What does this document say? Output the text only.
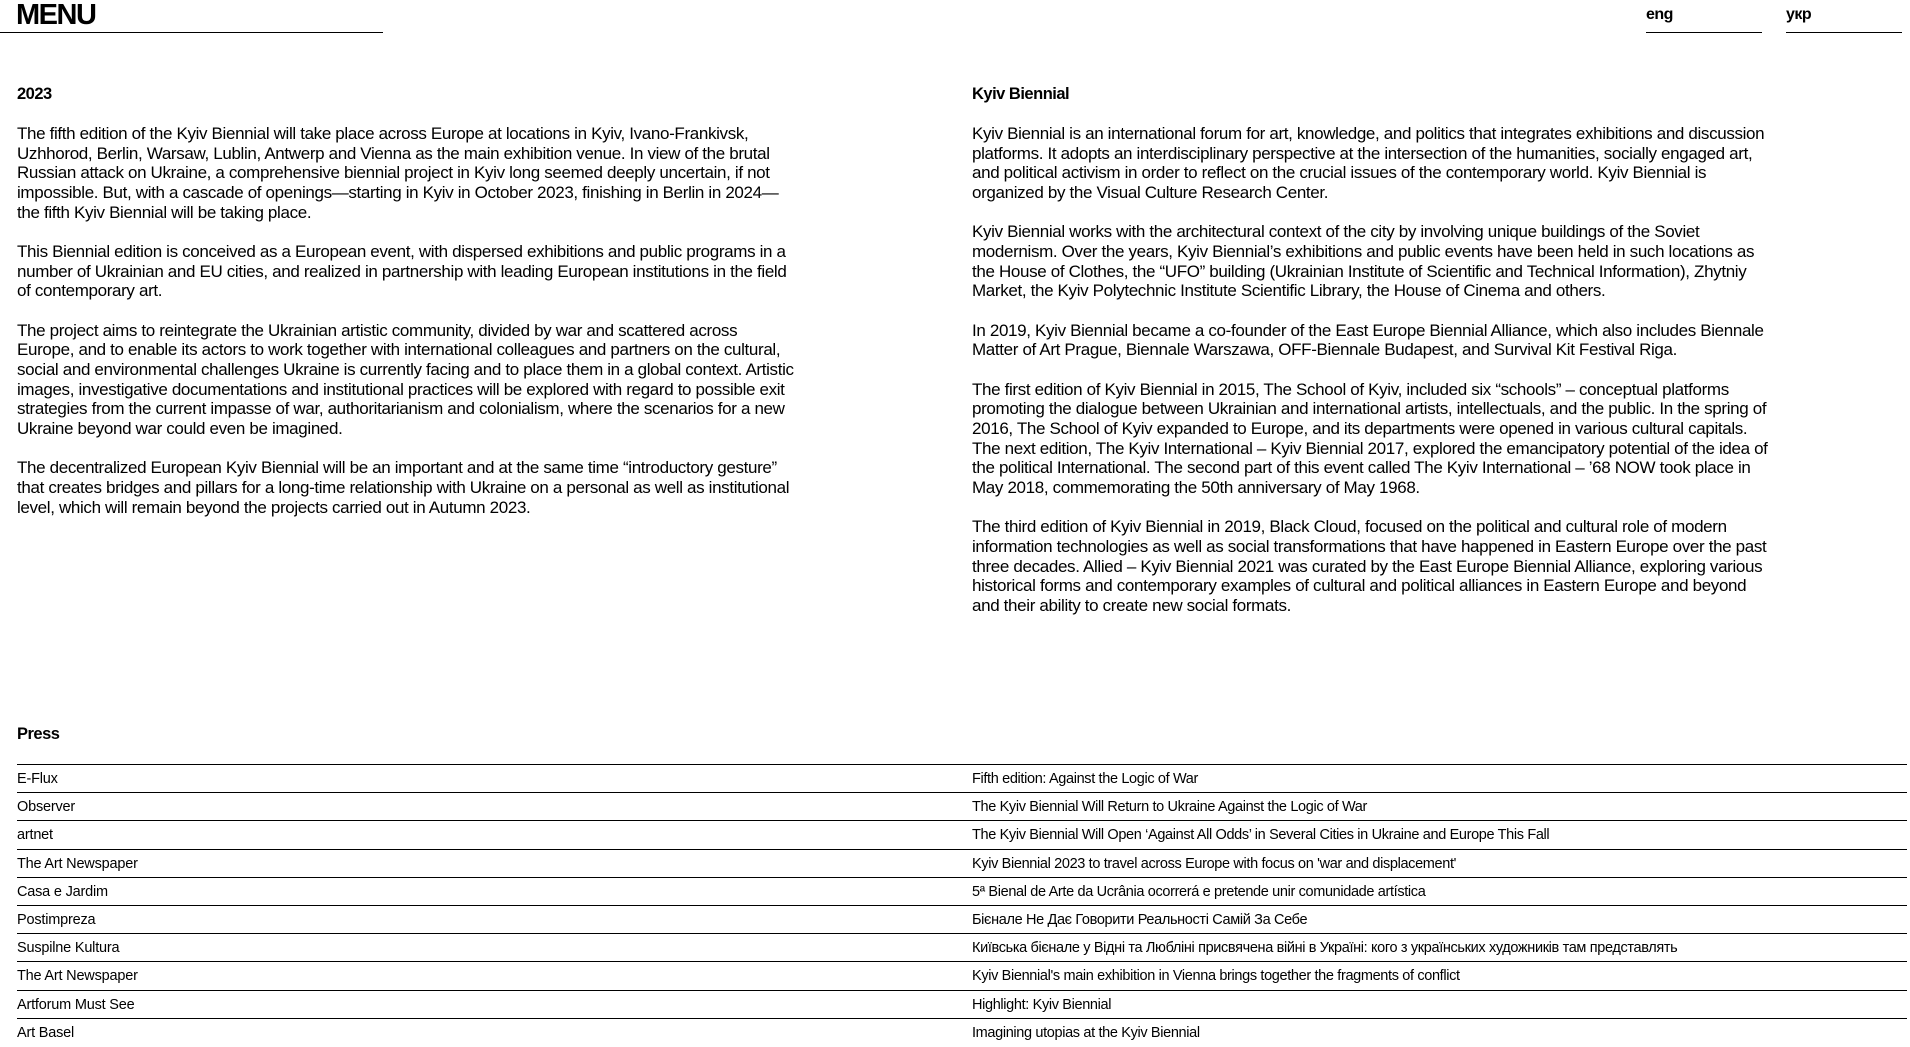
MENU	eng	укр
2023

The fifth edition of the Kyiv Biennial will take place across Europe at locations in Kyiv, Ivano-Frankivsk, Uzhhorod, Berlin, Warsaw, Lublin, Antwerp and Vienna as the main exhibition venue. In view of the brutal Russian attack on Ukraine, a comprehensive biennial project in Kyiv long seemed deeply uncertain, if not impossible. But, with a cascade of openings—starting in Kyiv in October 2023, finishing in Berlin in 2024—the fifth Kyiv Biennial will be taking place.

This Biennial edition is conceived as a European event, with dispersed exhibitions and public programs in a number of Ukrainian and EU cities, and realized in partnership with leading European institutions in the field of contemporary art.

The project aims to reintegrate the Ukrainian artistic community, divided by war and scattered across Europe, and to enable its actors to work together with international colleagues and partners on the cultural, social and environmental challenges Ukraine is currently facing and to place them in a global context. Artistic images, investigative documentations and institutional practices will be explored with regard to possible exit strategies from the current impasse of war, authoritarianism and colonialism, where the scenarios for a new Ukraine beyond war could even be imagined.

The decentralized European Kyiv Biennial will be an important and at the same time “introductory gesture” that creates bridges and pillars for a long-time relationship with Ukraine on a personal as well as institutional level, which will remain beyond the projects carried out in Autumn 2023.

Kyiv Biennial

Kyiv Biennial is an international forum for art, knowledge, and politics that integrates exhibitions and discussion platforms. It adopts an interdisciplinary perspective at the intersection of the humanities, socially engaged art, and political activism in order to reflect on the crucial issues of the contemporary world. Kyiv Biennial is organized by the Visual Culture Research Center.

Kyiv Biennial works with the architectural context of the city by involving unique buildings of the Soviet modernism. Over the years, Kyiv Biennial’s exhibitions and public events have been held in such locations as the House of Clothes, the “UFO” building (Ukrainian Institute of Scientific and Technical Information), Zhytniy Market, the Kyiv Polytechnic Institute Scientific Library, the House of Cinema and others.

In 2019, Kyiv Biennial became a co-founder of the East Europe Biennial Alliance, which also includes Biennale Matter of Art Prague, Biennale Warszawa, OFF-Biennale Budapest, and Survival Kit Festival Riga.

The first edition of Kyiv Biennial in 2015, The School of Kyiv, included six “schools” – conceptual platforms promoting the dialogue between Ukrainian and international artists, intellectuals, and the public. In the spring of 2016, The School of Kyiv expanded to Europe, and its departments were opened in various cultural capitals. The next edition, The Kyiv International – Kyiv Biennial 2017, explored the emancipatory potential of the idea of the political International. The second part of this event called The Kyiv International – ’68 NOW took place in May 2018, commemorating the 50th anniversary of May 1968.

The third edition of Kyiv Biennial in 2019, Black Cloud, focused on the political and cultural role of modern information technologies as well as social transformations that have happened in Eastern Europe over the past three decades. Allied – Kyiv Biennial 2021 was curated by the East Europe Biennial Alliance, exploring various historical forms and contemporary examples of cultural and political alliances in Eastern Europe and beyond and their ability to create new social formats.

Press
E-Flux	Fifth edition: Against the Logic of War
Observer	The Kyiv Biennial Will Return to Ukraine Against the Logic of War
artnet	The Kyiv Biennial Will Open ‘Against All Odds’ in Several Cities in Ukraine and Europe This Fall
The Art Newspaper	Kyiv Biennial 2023 to travel across Europe with focus on 'war and displacement'
Casa e Jardim	5ª Bienal de Arte da Ucrânia ocorrerá e pretende unir comunidade artística
Postimpreza	Бієнале Не Дає Говорити Реальності Самій За Себе
Suspilne Kultura	Київська бієнале у Відні та Любліні присвячена війні в Україні: кого з українських художників там представлять
The Art Newspaper	Kyiv Biennial's main exhibition in Vienna brings together the fragments of conflict
Artforum Must See	Highlight: Kyiv Biennial
Art Basel	Imagining utopias at the Kyiv Biennial
